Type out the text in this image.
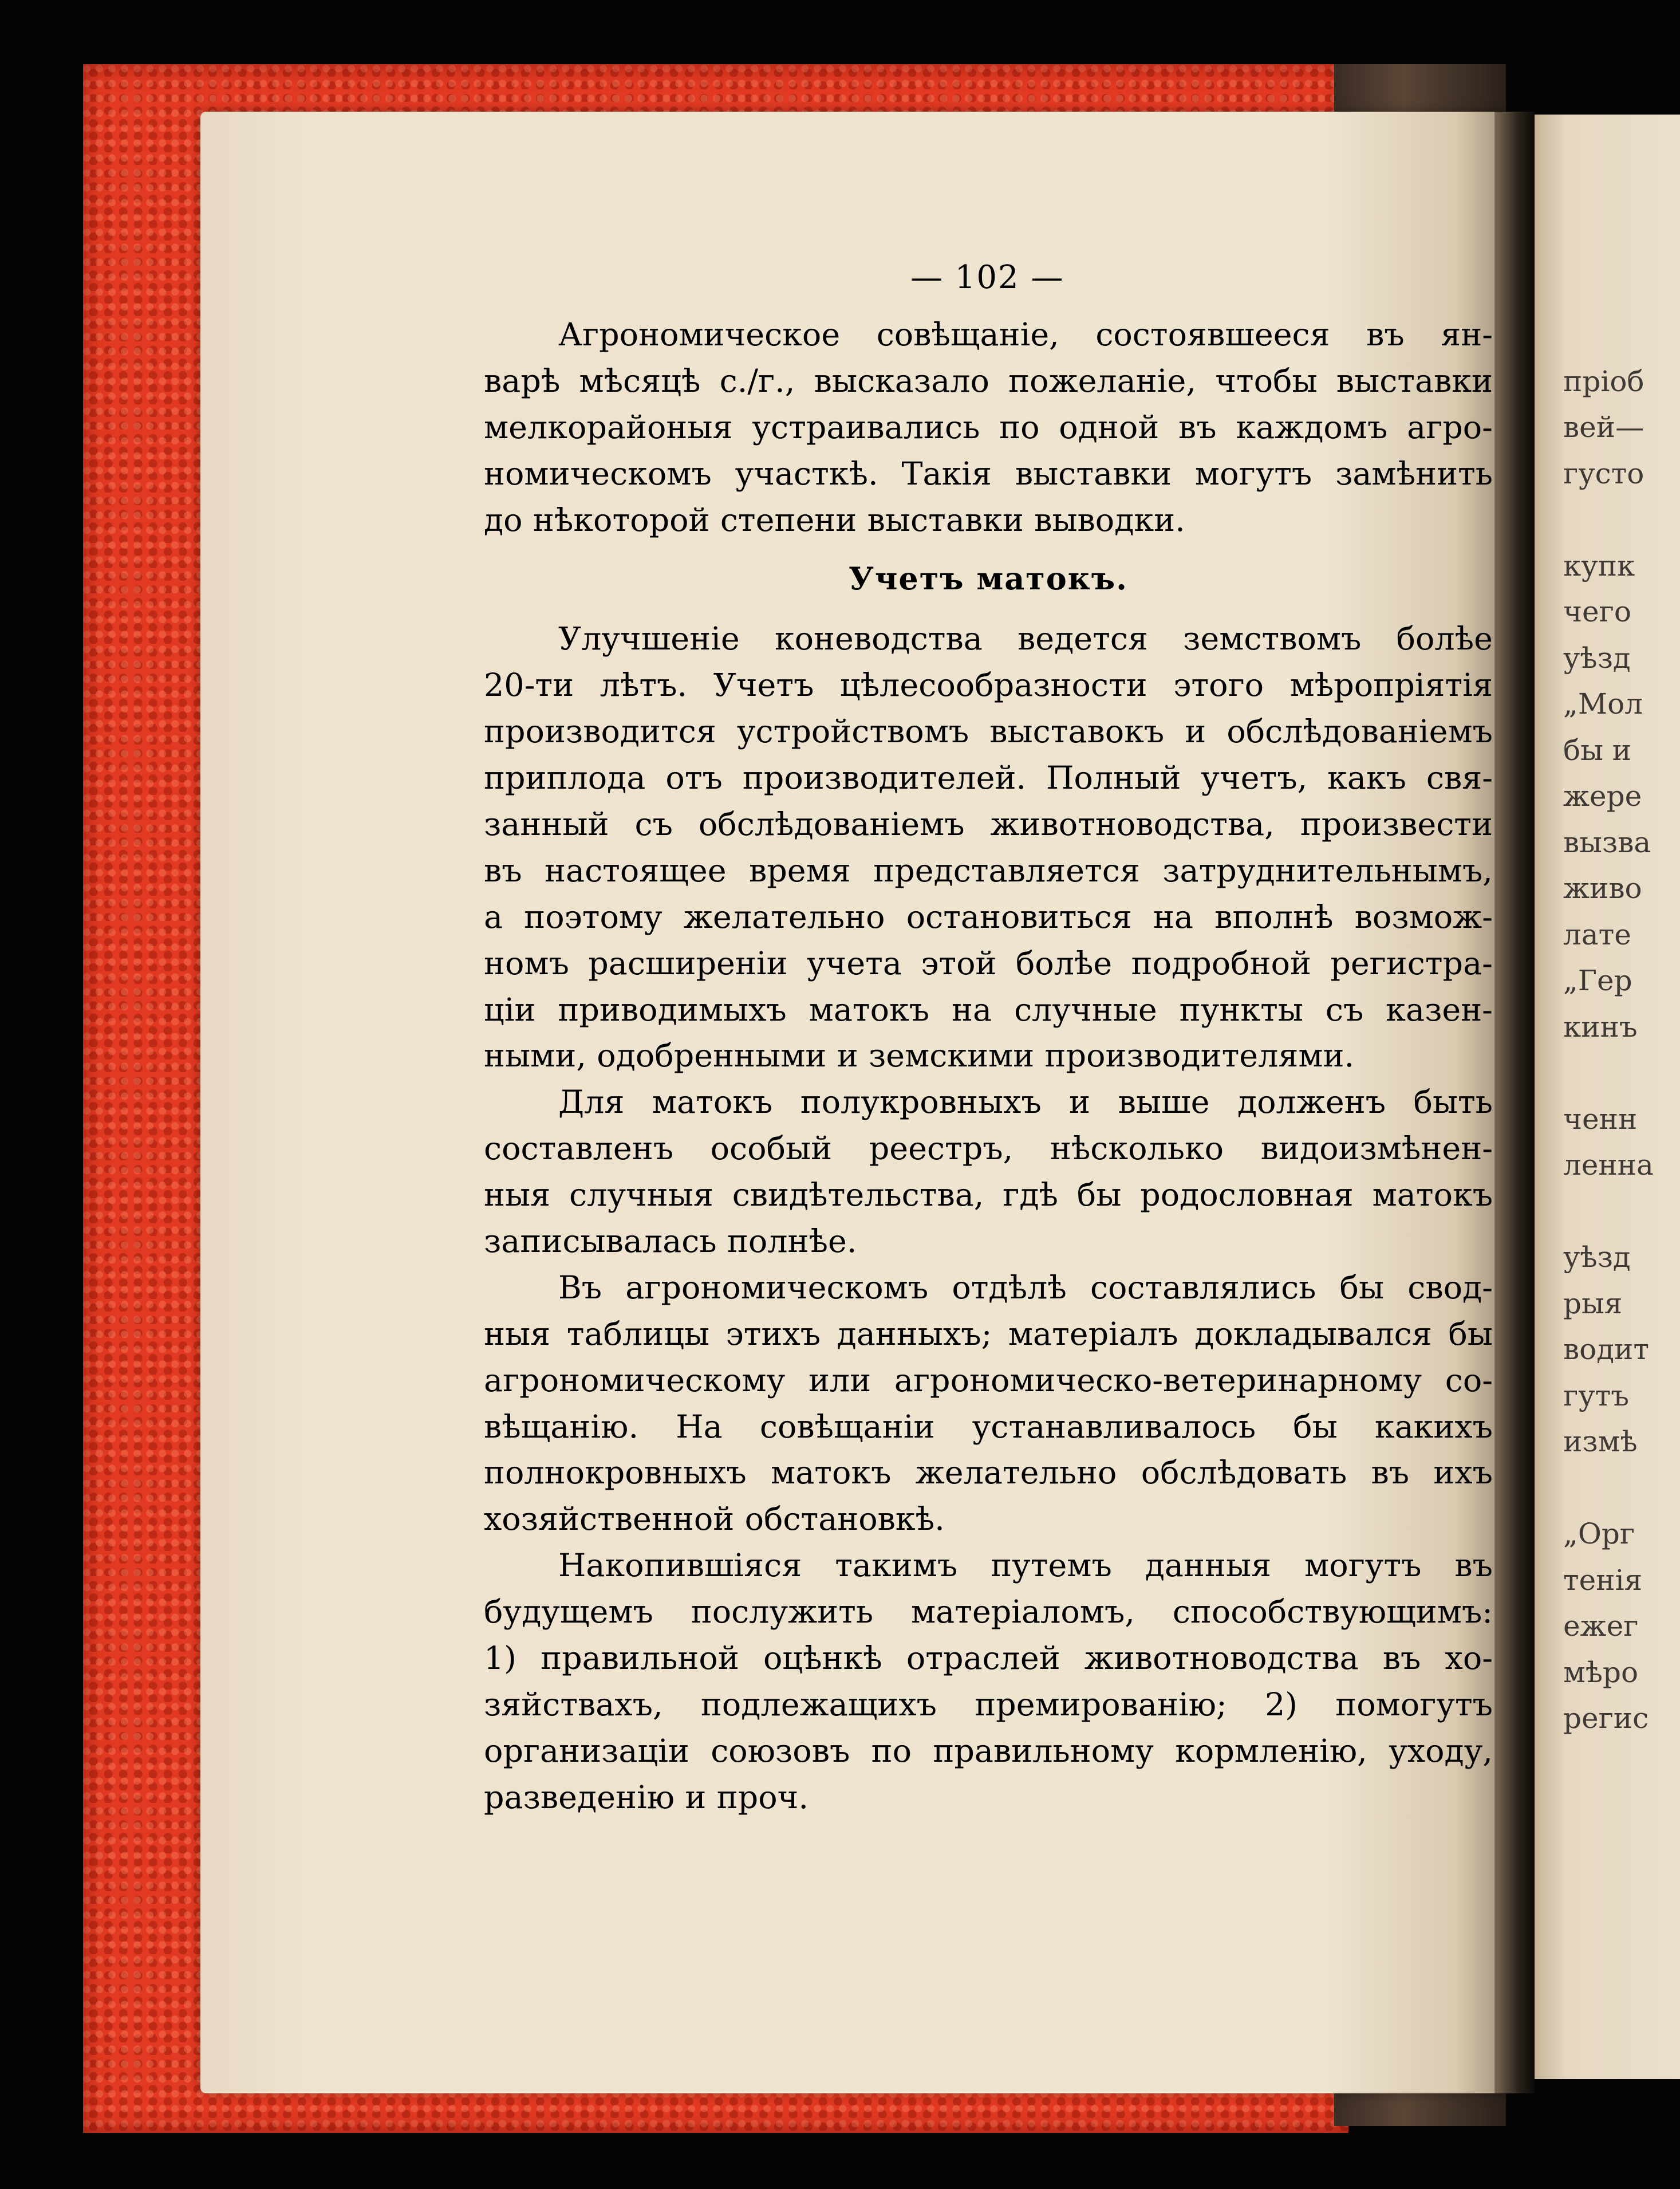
пріоб
вей—
густо
купк
чего
уѣзд
„Мол
бы и
жере
вызва
живо
лате
„Гер
кинъ
ченн
ленна
уѣзд
рыя
водит
гутъ
измѣ
„Орг
тенія
ежег
мѣро
регис
— 102 —
Агрономическое совѣщаніе, состоявшееся въ ян-
варѣ мѣсяцѣ с./г., высказало пожеланіе, чтобы выставки
мелкорайоныя устраивались по одной въ каждомъ агро-
номическомъ участкѣ. Такія выставки могутъ замѣнить
до нѣкоторой степени выставки выводки.
Учетъ матокъ.
Улучшеніе коневодства ведется земствомъ болѣе
20-ти лѣтъ. Учетъ цѣлесообразности этого мѣропріятія
производится устройствомъ выставокъ и обслѣдованіемъ
приплода отъ производителей. Полный учетъ, какъ свя-
занный съ обслѣдованіемъ животноводства, произвести
въ настоящее время представляется затруднительнымъ,
а поэтому желательно остановиться на вполнѣ возмож-
номъ расширеніи учета этой болѣе подробной регистра-
ціи приводимыхъ матокъ на случные пункты съ казен-
ными, одобренными и земскими производителями.
Для матокъ полукровныхъ и выше долженъ быть
составленъ особый реестръ, нѣсколько видоизмѣнен-
ныя случныя свидѣтельства, гдѣ бы родословная матокъ
записывалась полнѣе.
Въ агрономическомъ отдѣлѣ составлялись бы свод-
ныя таблицы этихъ данныхъ; матеріалъ докладывался бы
агрономическому или агрономическо-ветеринарному со-
вѣщанію. На совѣщаніи устанавливалось бы какихъ
полнокровныхъ матокъ желательно обслѣдовать въ ихъ
хозяйственной обстановкѣ.
Накопившіяся такимъ путемъ данныя могутъ въ
будущемъ послужить матеріаломъ, способствующимъ:
1) правильной оцѣнкѣ отраслей животноводства въ хо-
зяйствахъ, подлежащихъ премированію; 2) помогутъ
организаціи союзовъ по правильному кормленію, уходу,
разведенію и проч.
